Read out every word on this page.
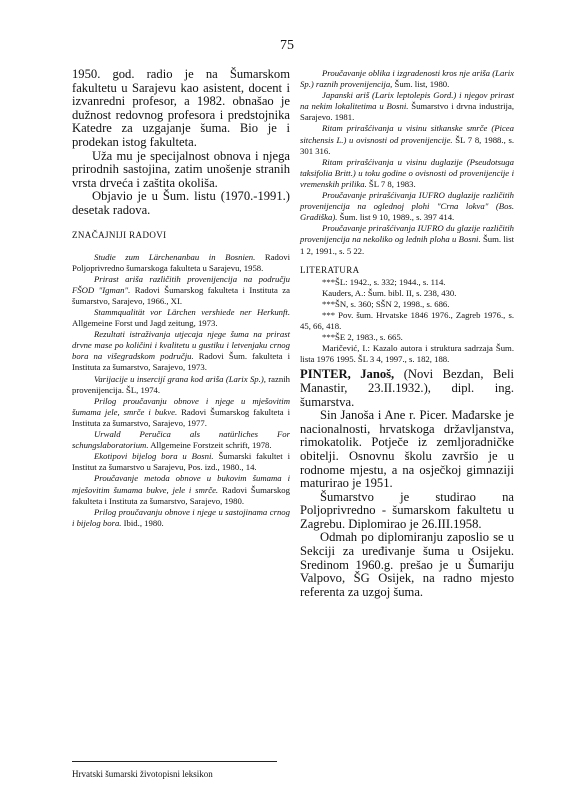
75

1950. god. radio je na Šumarskom fakultetu u Sarajevu kao asistent, docent i izvanredni profesor, a 1982. obnašao je dužnost redovnog profesora i predstojnika Katedre za uzgajanje šuma. Bio je i prodekan istog fakulteta.

Uža mu je specijalnost obnova i njega prirodnih sastojina, zatim unošenje stranih vrsta drveća i zaštita okoliša.

Objavio je u Šum. listu (1970.-1991.) desetak radova.

ZNAČAJNIJI RADOVI

Studie zum Lärchenanbau in Bosnien. Radovi Poljoprivredno šumarskoga fakulteta u Sarajevu, 1958.

Prirast ariša različitih provenijencija na području FŠOD "Igman". Radovi Šumarskog fakulteta i Instituta za šumarstvo, Sarajevo, 1966., XI.

Stammqualität vor Lärchen vershiede ner Herkunft. Allgemeine Forst und Jagd zeitung, 1973.

Rezultati istraživanja utjecaja njege šuma na prirast drvne mase po količini i kvalitetu u gustiku i letvenjaku crnog bora na višegradskom području. Radovi Šum. fakulteta i Instituta za šumarstvo, Sarajevo, 1973.

Varijacije u insercijí grana kod ariša (Larix Sp.), raznih provenijencija. ŠL, 1974.

Prilog proučavanju obnove i njege u mješovitim šumama jele, smrče i bukve. Radovi Šumarskog fakulteta i Instituta za šumarstvo, Sarajevo, 1977.

Urwald Peručica als natürliches For schungslaboratorium. Allgemeine Forstzeit schrift, 1978.

Ekotipovi bijelog bora u Bosni. Šumarski fakultet i Institut za šumarstvo u Sarajevu, Pos. izd., 1980., 14.

Proučavanje metoda obnove u bukovim šumama i mješovitim šumama bukve, jele i smrče. Radovi Šumarskog fakulteta i Instituta za šumarstvo, Sarajevo, 1980.

Prilog proučavanju obnove i njege u sastojinama crnog i bijelog bora. Ibid., 1980.

Proučavanje oblika i izgradenosti kros nje ariša (Larix Sp.) raznih provenijencija, Šum. list, 1980.

Japanski ariš (Larix leptolepis Gord.) i njegov prirast na nekim lokalitetima u Bosni. Šumarstvo i drvna industrija, Sarajevo. 1981.

Ritam prirašćivanja u visinu sitkanske smrče (Picea sitchensis L.) u ovisnosti od provenijencije. ŠL 7 8, 1988., s. 301 316.

Ritam prirašćivanja u visinu duglazije (Pseudotsuga taksifolia Britt.) u toku godine o ovisnosti od provenijencije i vremenskih prilika. ŠL 7 8, 1983.

Proučavanje prirašćivanja IUFRO duglazije različitih provenijencija na oglednoj plohi "Crna lokva" (Bos. Gradiška). Šum. list 9 10, 1989., s. 397 414.

Proučavanje prirašćivanja IUFRO du glazije različitih provenijencija na nekoliko og lednih ploha u Bosni. Šum. list 1 2, 1991., s. 5 22.

LITERATURA

***ŠL: 1942., s. 332; 1944., s. 114.

Kauders, A.: Šum. bibl. II, s. 238, 430.

***ŠN, s. 360; SŠN 2, 1998., s. 686.

*** Pov. šum. Hrvatske 1846 1976., Zagreb 1976., s. 45, 66, 418.

***ŠE 2, 1983., s. 665.

Maričević, I.: Kazalo autora i struktura sadrzaja Šum. lista 1976 1995. ŠL 3 4, 1997., s. 182, 188.

PINTER, Janoš, (Novi Bezdan, Beli Manastir, 23.II.1932.), dipl. ing. šumarstva.

Sin Janoša i Ane r. Picer. Mađarske je nacionalnosti, hrvatskoga državljanstva, rimokatolik. Potječe iz zemljoradničke obitelji. Osnovnu školu završio je u rodnome mjestu, a na osječkoj gimnaziji maturirao je 1951.

Šumarstvo je studirao na Poljoprivredno - šumarskom fakultetu u Zagrebu. Diplomirao je 26.III.1958.

Odmah po diplomiranju zaposlio se u Sekciji za uređivanje šuma u Osijeku. Sredinom 1960.g. prešao je u Šumariju Valpovo, ŠG Osijek, na radno mjesto referenta za uzgoj šuma.

Hrvatski šumarski životopisni leksikon
